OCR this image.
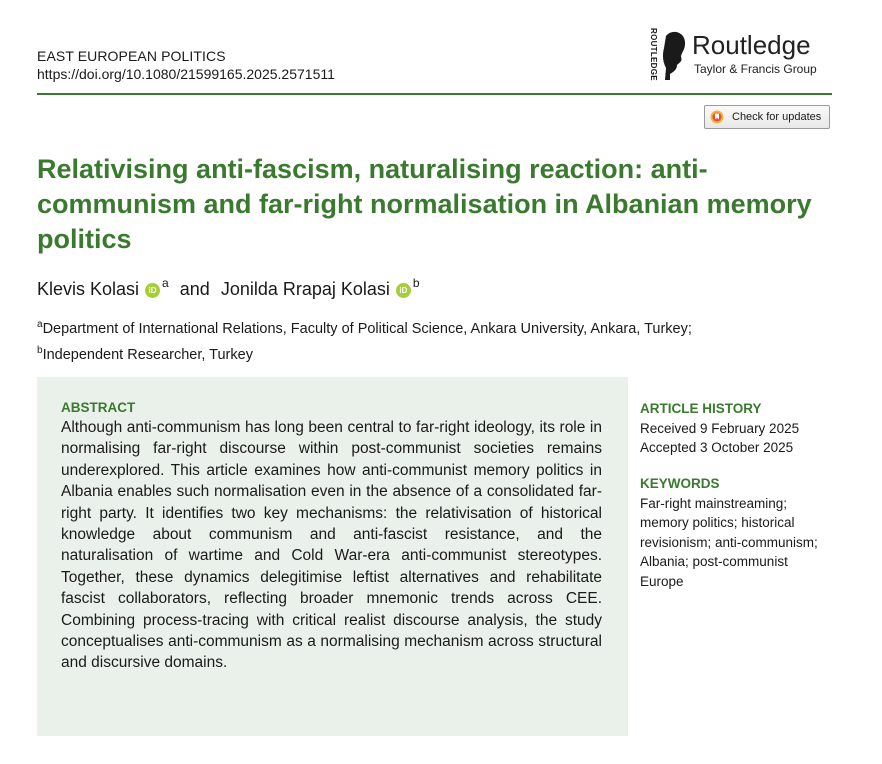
EAST EUROPEAN POLITICS
https://doi.org/10.1080/21599165.2025.2571511	ROUTLEDGE Routledge
Taylor & Francis Group
Check for updates
Relativising anti-fascism, naturalising reaction: anti-communism and far-right normalisation in Albanian memory politics
Klevis Kolasi $iD^a$ and Jonilda Rrapaj Kolasi $iD^b$
$^a$Department of International Relations, Faculty of Political Science, Ankara University, Ankara, Turkey;
$^b$Independent Researcher, Turkey
ABSTRACT
Although anti-communism has long been central to far-right ideology, its role in normalising far-right discourse within post-communist societies remains underexplored. This article examines how anti-communist memory politics in Albania enables such normalisation even in the absence of a consolidated far-right party. It identifies two key mechanisms: the relativisation of historical knowledge about communism and anti-fascist resistance, and the naturalisation of wartime and Cold War-era anti-communist stereotypes. Together, these dynamics delegitimise leftist alternatives and rehabilitate fascist collaborators, reflecting broader mnemonic trends across CEE. Combining process-tracing with critical realist discourse analysis, the study conceptualises anti-communism as a normalising mechanism across structural and discursive domains.
ARTICLE HISTORY
Received 9 February 2025
Accepted 3 October 2025
KEYWORDS
Far-right mainstreaming; memory politics; historical revisionism; anti-communism; Albania; post-communist Europe
